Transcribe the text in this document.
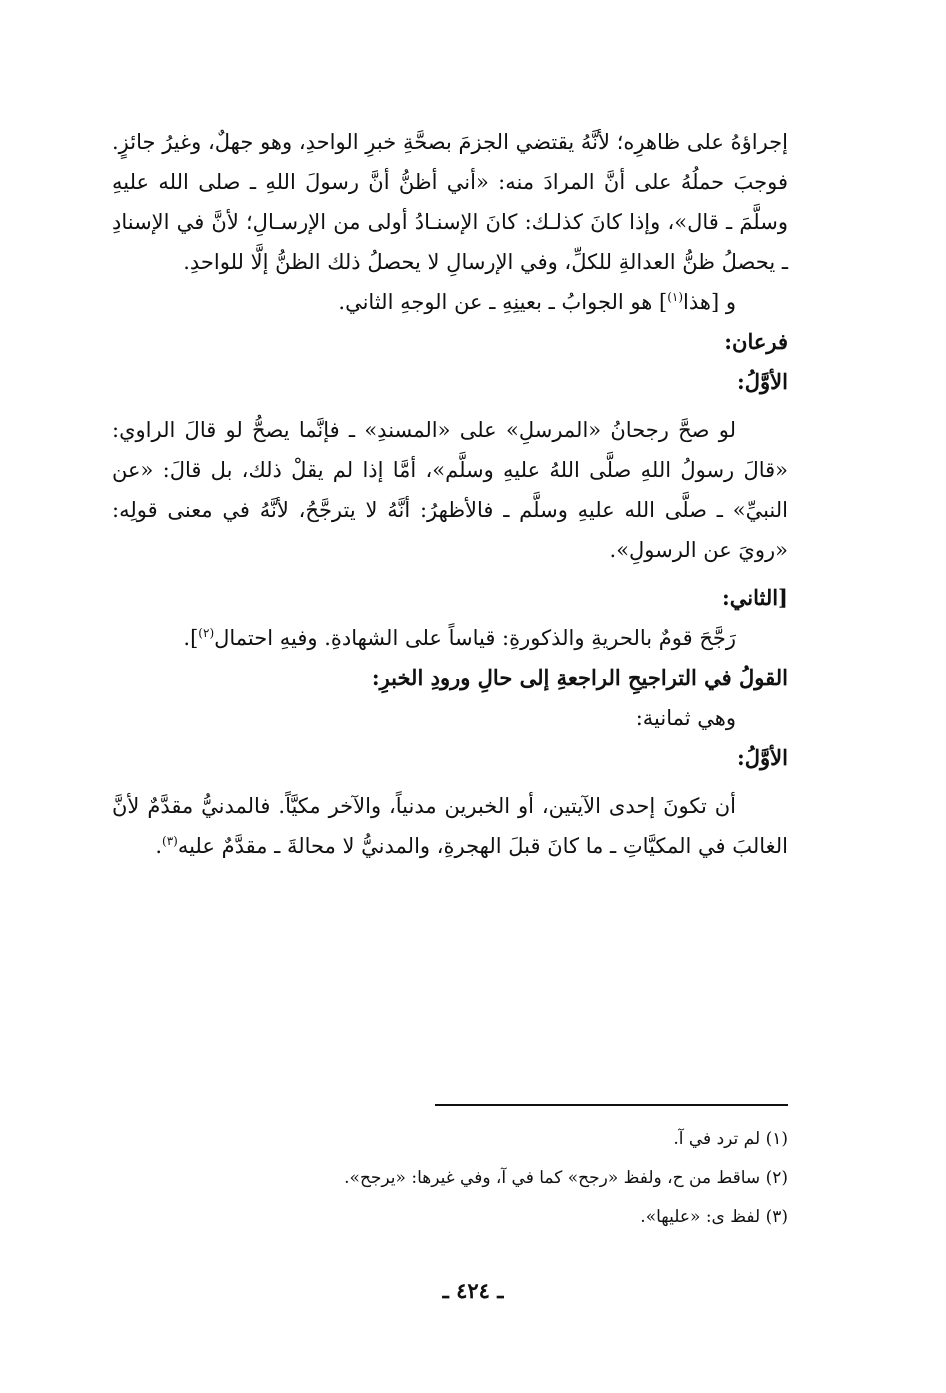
إجراؤهُ على ظاهرِه؛ لأنَّهُ يقتضي الجزمَ بصحَّةِ خبرِ الواحدِ، وهو جهلٌ، وغيرُ جائزٍ. فوجبَ حملُهُ على أنَّ المرادَ منه: «أني أظنُّ أنَّ رسولَ اللهِ ـ صلى الله عليهِ وسلَّمَ ـ قال»، وإذا كانَ كذلـك: كانَ الإسنـادُ أولى من الإرسـالِ؛ لأنَّ في الإسنادِ ـ يحصلُ ظنُّ العدالةِ للكلِّ، وفي الإرسالِ لا يحصلُ ذلك الظنُّ إلَّا للواحدِ.

و [هذا$^{(١)}$] هو الجوابُ ـ بعينِهِ ـ عن الوجهِ الثاني.

فرعان:

الأوَّلُ:

لو صحَّ رجحانُ «المرسلِ» على «المسندِ» ـ فإنَّما يصحُّ لو قالَ الراوي: «قالَ رسولُ اللهِ صلَّى اللهُ عليهِ وسلَّم»، أمَّا إذا لم يقلْ ذلك، بل قالَ: «عن النبيِّ» ـ صلَّى الله عليهِ وسلَّم ـ فالأظهرُ: أنَّهُ لا يترجَّحُ، لأنَّهُ في معنى قولِه: «رويَ عن الرسولِ».

[الثاني:

رَجَّحَ قومٌ بالحريةِ والذكورةِ: قياساً على الشهادةِ. وفيهِ احتمال$^{(٢)}$].

القولُ في التراجيحِ الراجعةِ إلى حالِ ورودِ الخبرِ:

وهي ثمانية:

الأوَّلُ:

أن تكونَ إحدى الآيتين، أو الخبرين مدنياً، والآخر مكيَّاً. فالمدنيُّ مقدَّمٌ لأنَّ الغالبَ في المكيَّاتِ ـ ما كانَ قبلَ الهجرةِ، والمدنيُّ لا محالةَ ـ مقدَّمٌ عليه$^{(٣)}$.

(١) لم ترد في آ.

(٢) ساقط من ح، ولفظ «رجح» كما في آ، وفي غيرها: «يرجح».

(٣) لفظ ى: «عليها».

ـ ٤٢٤ ـ
